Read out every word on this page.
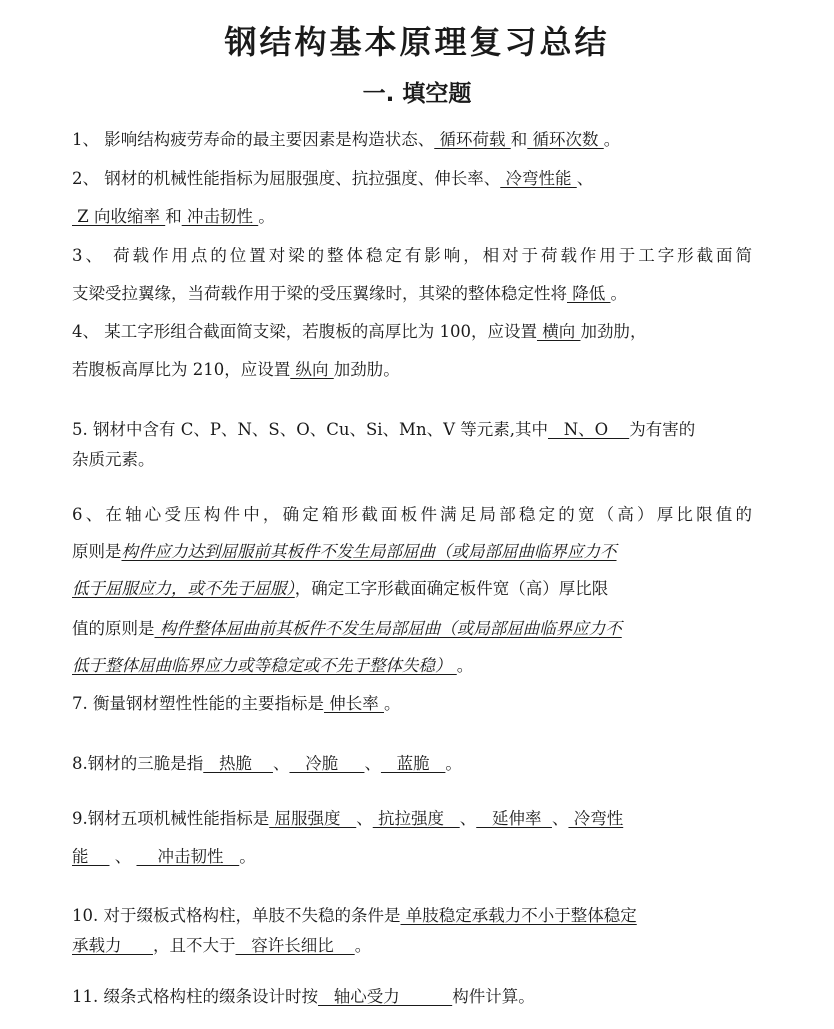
钢结构基本原理复习总结
一. 填空题
1、 影响结构疲劳寿命的最主要因素是构造状态、 循环荷载 和 循环次数 。
2、 钢材的机械性能指标为屈服强度、抗拉强度、伸长率、 冷弯性能 、
Z 向收缩率 和 冲击韧性 。
3、 荷载作用点的位置对梁的整体稳定有影响，相对于荷载作用于工字形截面简
支梁受拉翼缘，当荷载作用于梁的受压翼缘时，其梁的整体稳定性将 降低 。
4、 某工字形组合截面简支梁，若腹板的高厚比为 100，应设置 横向 加劲肋，
若腹板高厚比为 210，应设置 纵向 加劲肋。
5. 钢材中含有 C、P、N、S、O、Cu、Si、Mn、V 等元素,其中   N、O    为有害的
杂质元素。
6、在轴心受压构件中，确定箱形截面板件满足局部稳定的宽（高）厚比限值的
原则是构件应力达到屈服前其板件不发生局部屈曲（或局部屈曲临界应力不
低于屈服应力，或不先于屈服），确定工字形截面确定板件宽（高）厚比限
值的原则是 构件整体屈曲前其板件不发生局部屈曲（或局部屈曲临界应力不
低于整体屈曲临界应力或等稳定或不先于整体失稳） 。
7. 衡量钢材塑性性能的主要指标是 伸长率 。
8.钢材的三脆是指   热脆    、   冷脆     、   蓝脆   。
9.钢材五项机械性能指标是 屈服强度   、 抗拉强度   、   延伸率  、 冷弯性
能     、     冲击韧性   。
10. 对于缀板式格构柱，单肢不失稳的条件是 单肢稳定承载力不小于整体稳定
承载力      ，且不大于   容许长细比    。
11. 缀条式格构柱的缀条设计时按   轴心受力          构件计算。
